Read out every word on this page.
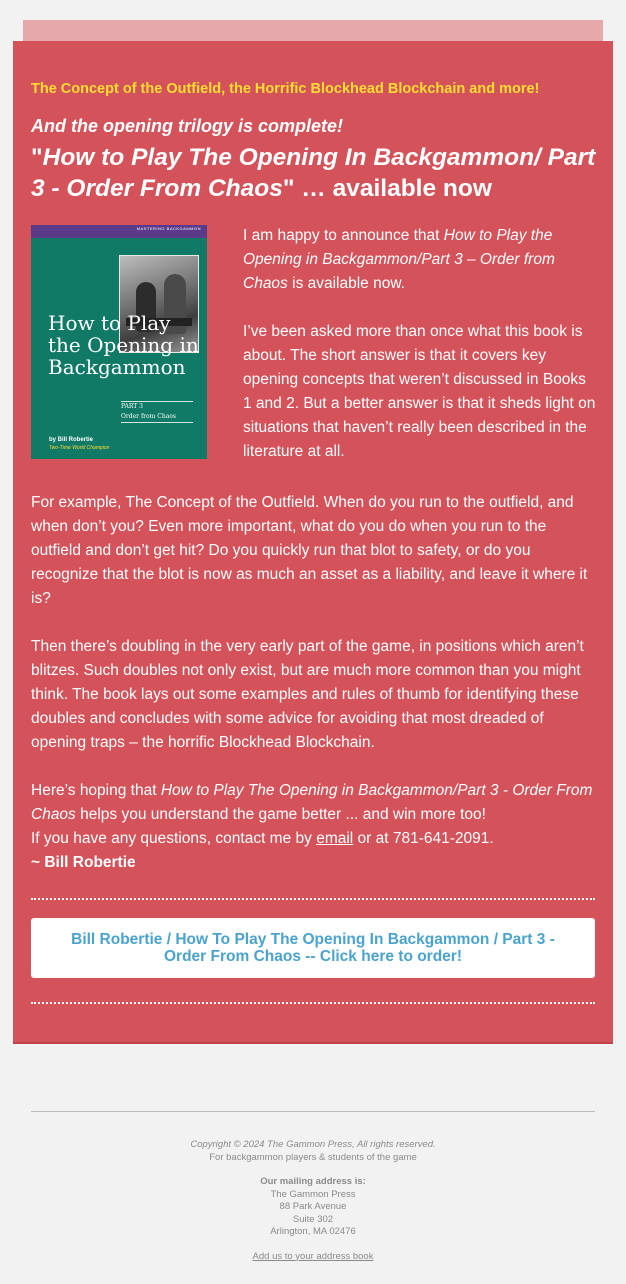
The Concept of the Outfield, the Horrific Blockhead Blockchain and more!
And the opening trilogy is complete!
"How to Play The Opening In Backgammon/ Part 3 - Order From Chaos" … available now
MASTERING BACKGAMMON
How to Play the Opening in Backgammon
PART 3
Order from Chaos
by Bill Robertie
Two-Time World Champion

I am happy to announce that How to Play the Opening in Backgammon/Part 3 – Order from Chaos is available now.

I’ve been asked more than once what this book is about. The short answer is that it covers key opening concepts that weren’t discussed in Books 1 and 2. But a better answer is that it sheds light on situations that haven’t really been described in the literature at all.

For example, The Concept of the Outfield. When do you run to the outfield, and when don’t you? Even more important, what do you do when you run to the outfield and don’t get hit? Do you quickly run that blot to safety, or do you recognize that the blot is now as much an asset as a liability, and leave it where it is?

Then there’s doubling in the very early part of the game, in positions which aren’t blitzes. Such doubles not only exist, but are much more common than you might think. The book lays out some examples and rules of thumb for identifying these doubles and concludes with some advice for avoiding that most dreaded of opening traps – the horrific Blockhead Blockchain.

Here’s hoping that How to Play The Opening in Backgammon/Part 3 - Order From Chaos helps you understand the game better ... and win more too!

If you have any questions, contact me by email or at 781-641-2091.

~ Bill Robertie

Bill Robertie / How To Play The Opening In Backgammon / Part 3 - Order From Chaos -- Click here to order!
Copyright © 2024 The Gammon Press, All rights reserved.
For backgammon players & students of the game
Our mailing address is:
The Gammon Press
88 Park Avenue
Suite 302
Arlington, MA 02476
Add us to your address book
